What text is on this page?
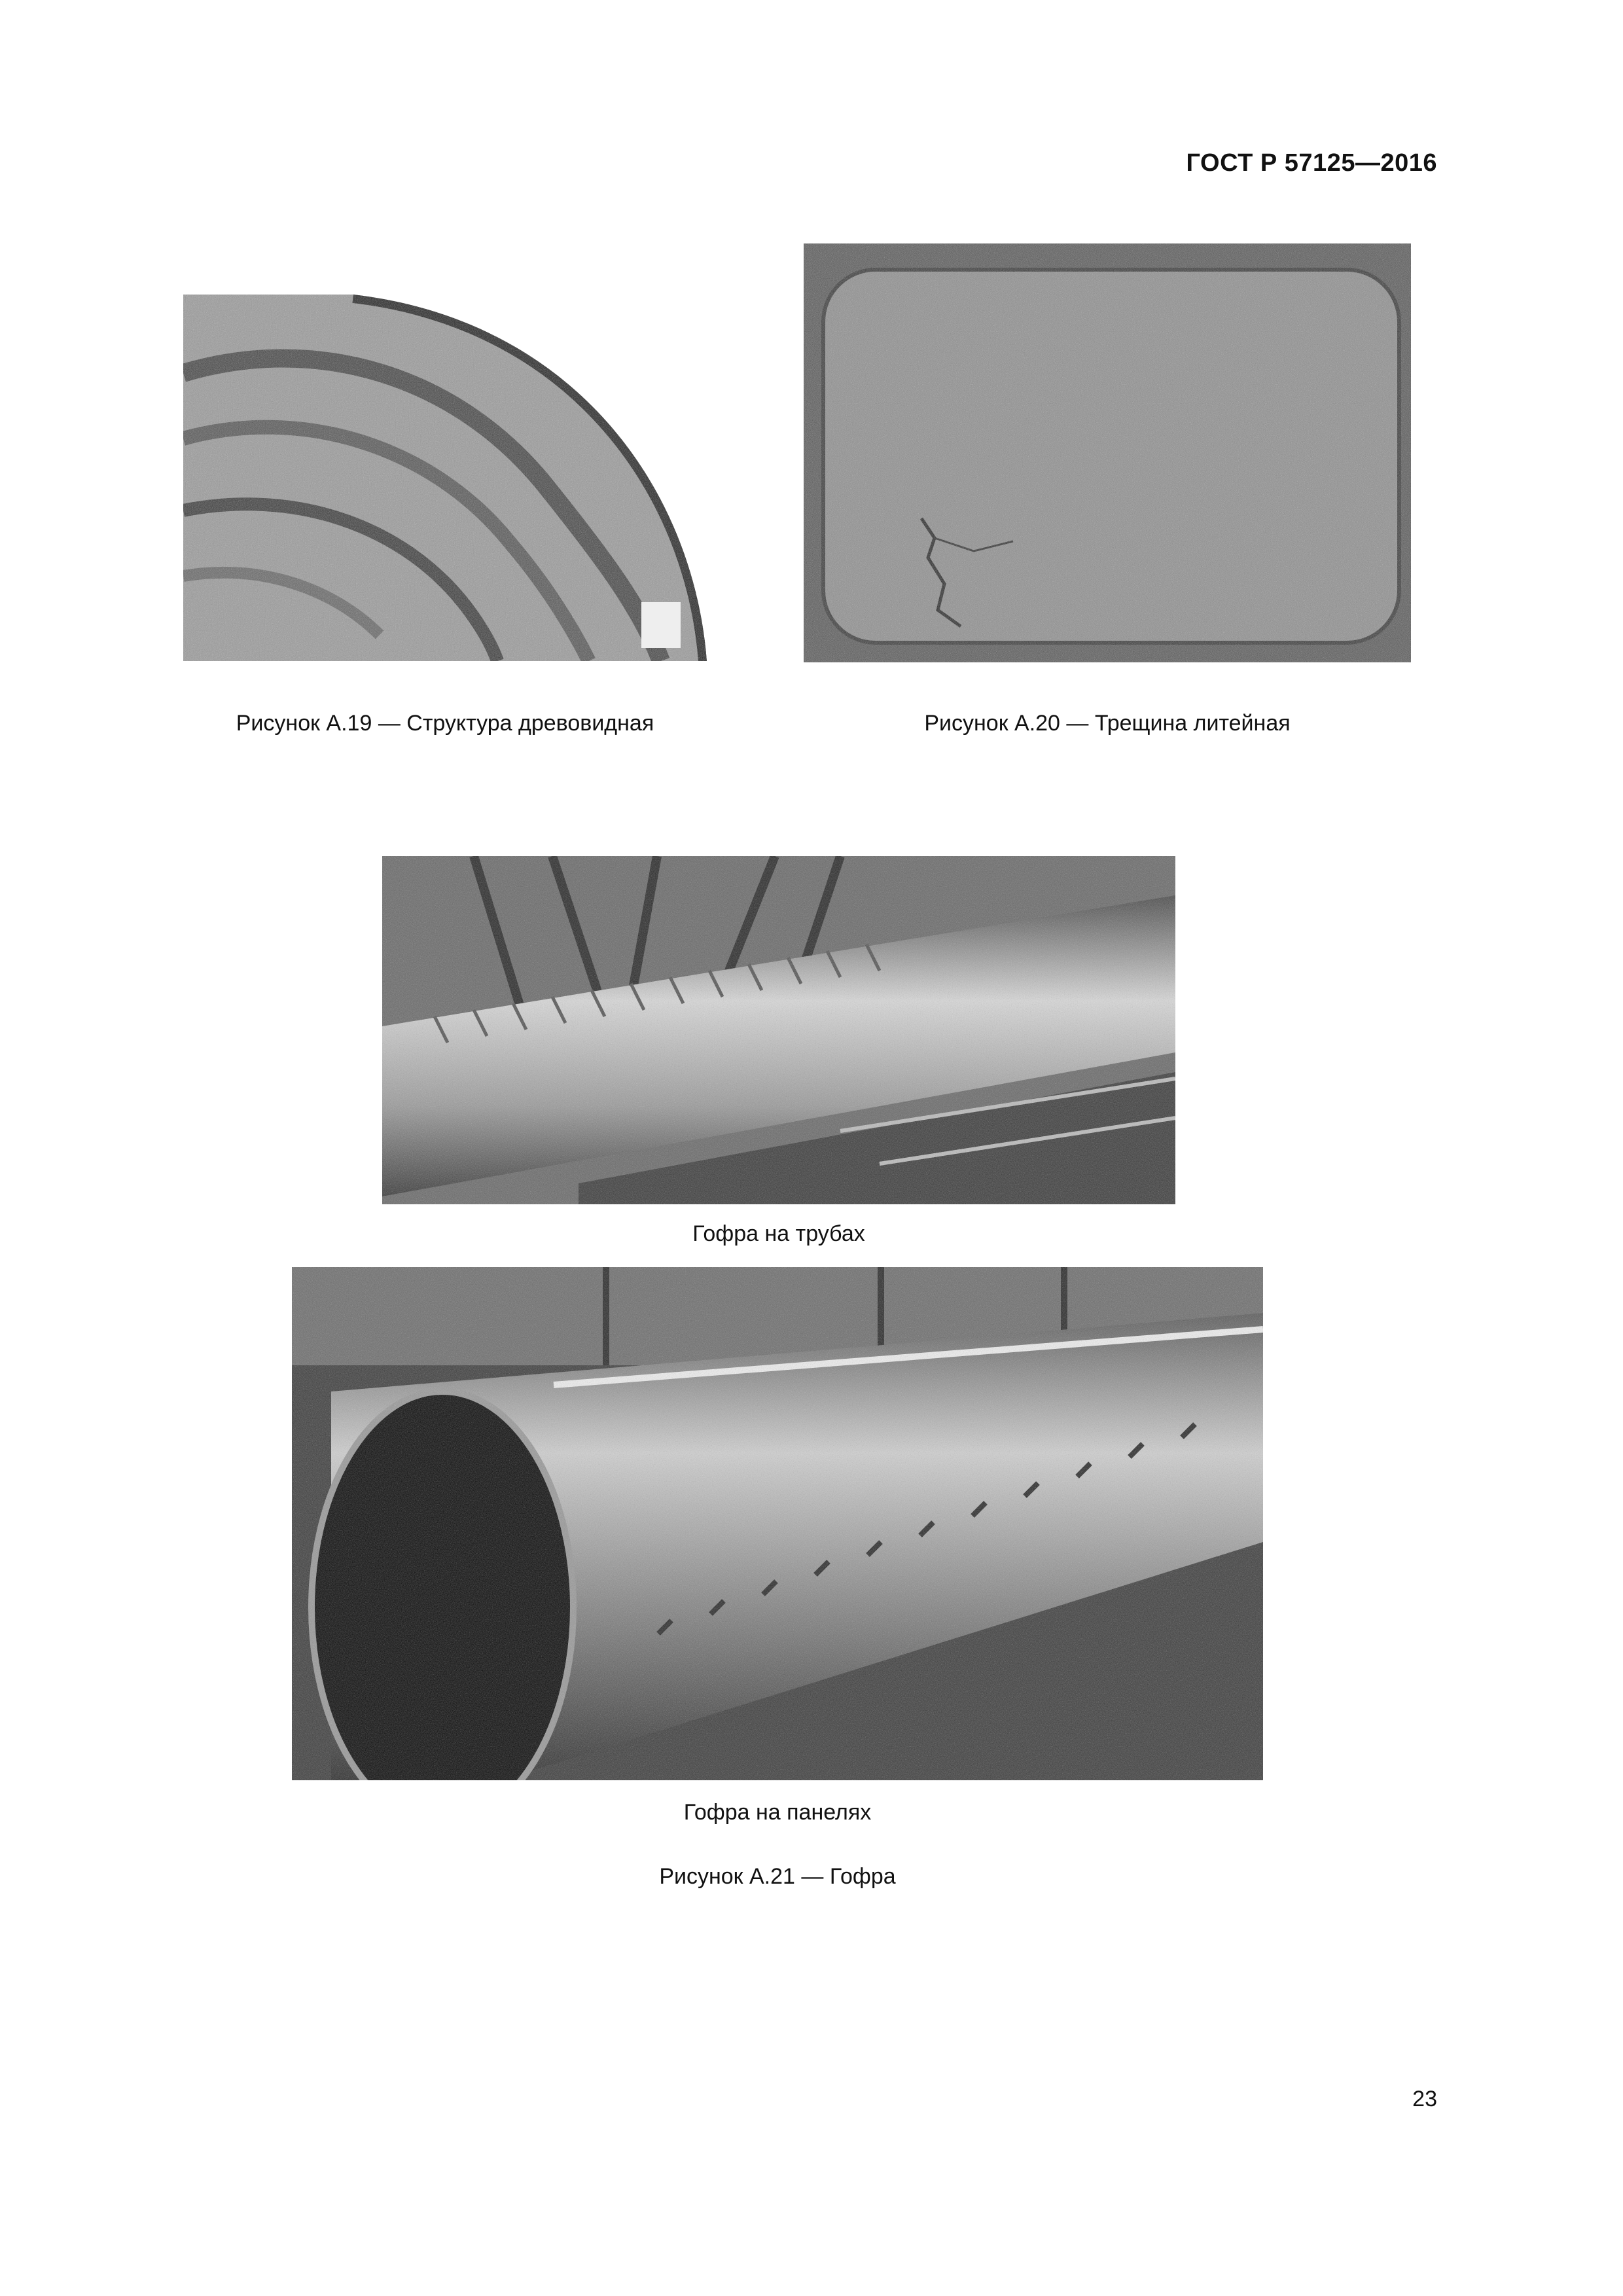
ГОСТ Р 57125—2016
Рисунок А.19 — Структура древовидная	Рисунок А.20 — Трещина литейная
Гофра на трубах
Гофра на панелях
Рисунок А.21 — Гофра
23
